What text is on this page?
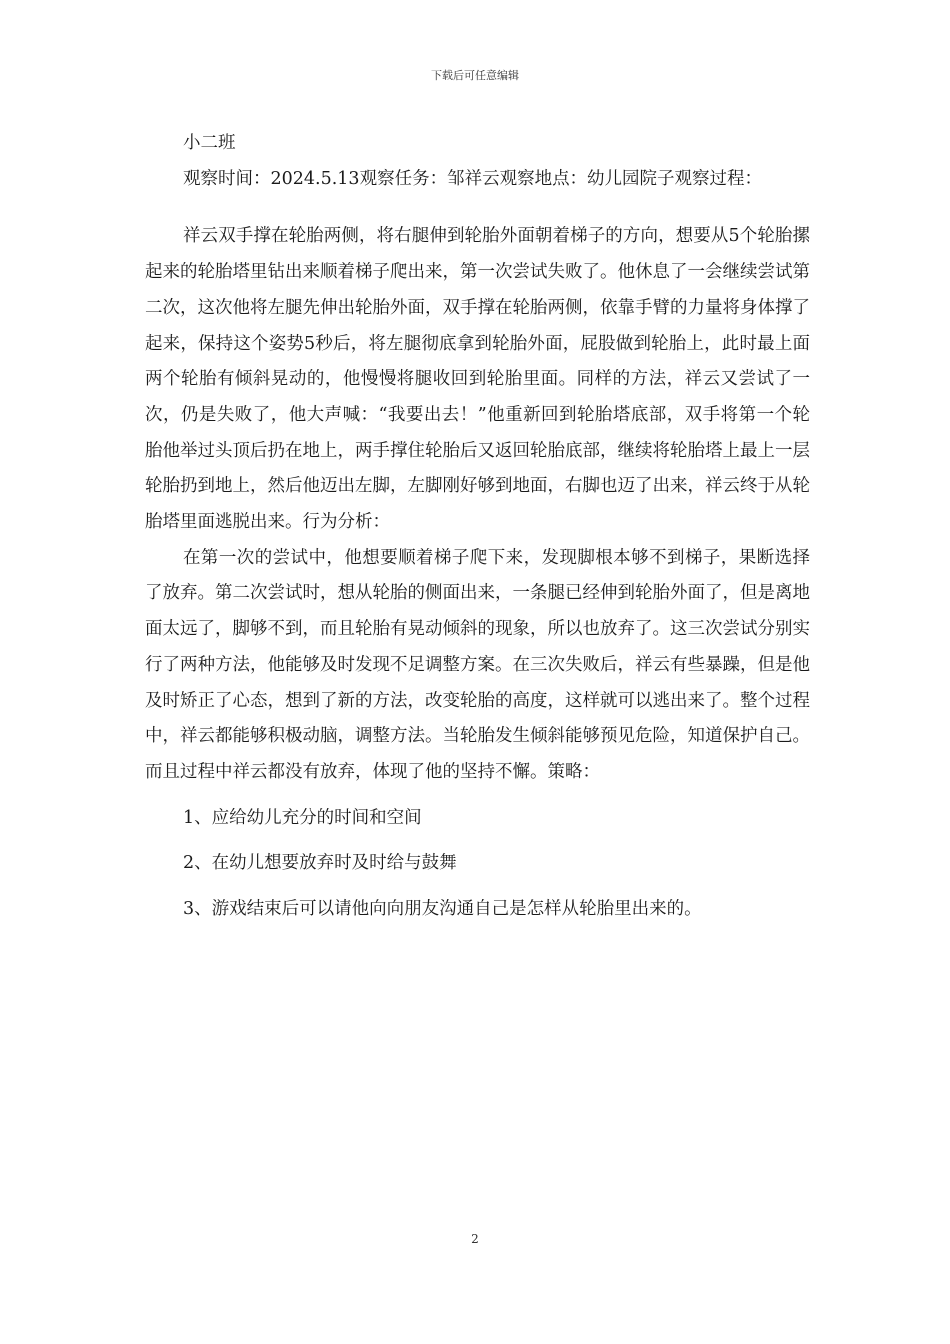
下载后可任意编辑
小二班
观察时间：2024.5.13观察任务：邹祥云观察地点：幼儿园院子观察过程：
祥云双手撑在轮胎两侧，将右腿伸到轮胎外面朝着梯子的方向，想要从5个轮胎摞起来的轮胎塔里钻出来顺着梯子爬出来，第一次尝试失败了。他休息了一会继续尝试第二次，这次他将左腿先伸出轮胎外面，双手撑在轮胎两侧，依靠手臂的力量将身体撑了起来，保持这个姿势5秒后，将左腿彻底拿到轮胎外面，屁股做到轮胎上，此时最上面两个轮胎有倾斜晃动的，他慢慢将腿收回到轮胎里面。同样的方法，祥云又尝试了一次，仍是失败了，他大声喊：“我要出去！”他重新回到轮胎塔底部，双手将第一个轮胎他举过头顶后扔在地上，两手撑住轮胎后又返回轮胎底部，继续将轮胎塔上最上一层轮胎扔到地上，然后他迈出左脚，左脚刚好够到地面，右脚也迈了出来，祥云终于从轮胎塔里面逃脱出来。行为分析：
在第一次的尝试中，他想要顺着梯子爬下来，发现脚根本够不到梯子，果断选择了放弃。第二次尝试时，想从轮胎的侧面出来，一条腿已经伸到轮胎外面了，但是离地面太远了，脚够不到，而且轮胎有晃动倾斜的现象，所以也放弃了。这三次尝试分别实行了两种方法，他能够及时发现不足调整方案。在三次失败后，祥云有些暴躁，但是他及时矫正了心态，想到了新的方法，改变轮胎的高度，这样就可以逃出来了。整个过程中，祥云都能够积极动脑，调整方法。当轮胎发生倾斜能够预见危险，知道保护自己。而且过程中祥云都没有放弃，体现了他的坚持不懈。策略：
1、应给幼儿充分的时间和空间
2、在幼儿想要放弃时及时给与鼓舞
3、游戏结束后可以请他向向朋友沟通自己是怎样从轮胎里出来的。
2
